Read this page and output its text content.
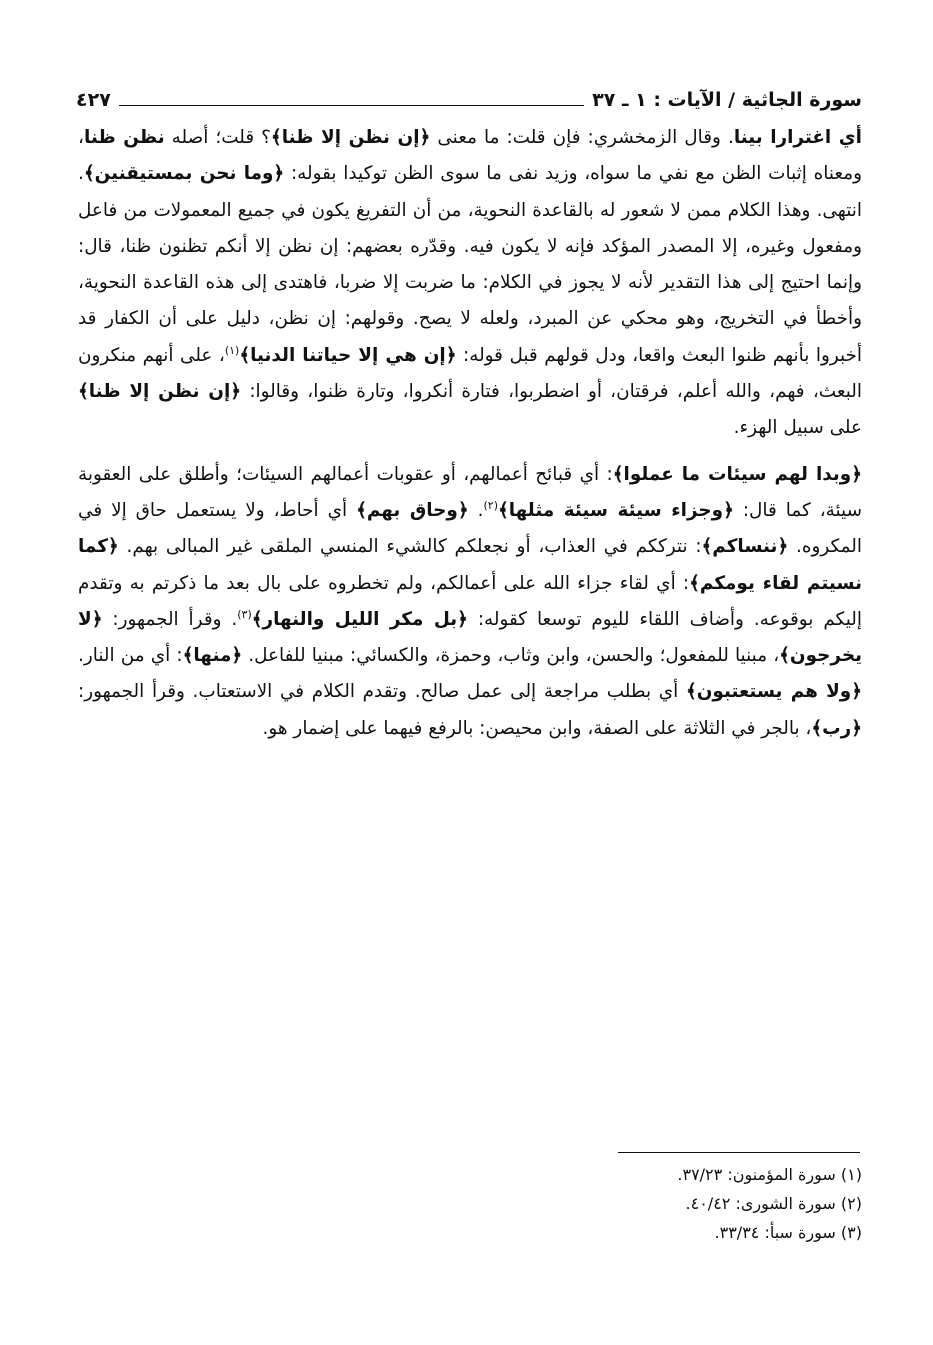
سورة الجاثية / الآيات : ١ ـ ٣٧
٤٢٧

أي اغترارا بينا. وقال الزمخشري: فإن قلت: ما معنى ﴿إن نظن إلا ظنا﴾؟ قلت؛ أصله نظن ظنا، ومعناه إثبات الظن مع نفي ما سواه، وزيد نفى ما سوى الظن توكيدا بقوله: ﴿وما نحن بمستيقنين﴾. انتهى. وهذا الكلام ممن لا شعور له بالقاعدة النحوية، من أن التفريغ يكون في جميع المعمولات من فاعل ومفعول وغيره، إلا المصدر المؤكد فإنه لا يكون فيه. وقدّره بعضهم: إن نظن إلا أنكم تظنون ظنا، قال: وإنما احتيج إلى هذا التقدير لأنه لا يجوز في الكلام: ما ضربت إلا ضربا، فاهتدى إلى هذه القاعدة النحوية، وأخطأ في التخريج، وهو محكي عن المبرد، ولعله لا يصح. وقولهم: إن نظن، دليل على أن الكفار قد أخبروا بأنهم ظنوا البعث واقعا، ودل قولهم قبل قوله: ﴿إن هي إلا حياتنا الدنيا﴾$^{(١)}$، على أنهم منكرون البعث، فهم، والله أعلم، فرقتان، أو اضطربوا، فتارة أنكروا، وتارة ظنوا، وقالوا: ﴿إن نظن إلا ظنا﴾ على سبيل الهزء.

﴿وبدا لهم سيئات ما عملوا﴾: أي قبائح أعمالهم، أو عقوبات أعمالهم السيئات؛ وأطلق على العقوبة سيئة، كما قال: ﴿وجزاء سيئة سيئة مثلها﴾$^{(٢)}$. ﴿وحاق بهم﴾ أي أحاط، ولا يستعمل حاق إلا في المكروه. ﴿ننساكم﴾: نترككم في العذاب، أو نجعلكم كالشيء المنسي الملقى غير المبالى بهم. ﴿كما نسيتم لقاء يومكم﴾: أي لقاء جزاء الله على أعمالكم، ولم تخطروه على بال بعد ما ذكرتم به وتقدم إليكم بوقوعه. وأضاف اللقاء لليوم توسعا كقوله: ﴿بل مكر الليل والنهار﴾$^{(٣)}$. وقرأ الجمهور: ﴿لا يخرجون﴾، مبنيا للمفعول؛ والحسن، وابن وثاب، وحمزة، والكسائي: مبنيا للفاعل. ﴿منها﴾: أي من النار. ﴿ولا هم يستعتبون﴾ أي بطلب مراجعة إلى عمل صالح. وتقدم الكلام في الاستعتاب. وقرأ الجمهور: ﴿رب﴾، بالجر في الثلاثة على الصفة، وابن محيصن: بالرفع فيهما على إضمار هو.

(١) سورة المؤمنون: ٣٧/٢٣.
(٢) سورة الشورى: ٤٠/٤٢.
(٣) سورة سبأ: ٣٣/٣٤.
